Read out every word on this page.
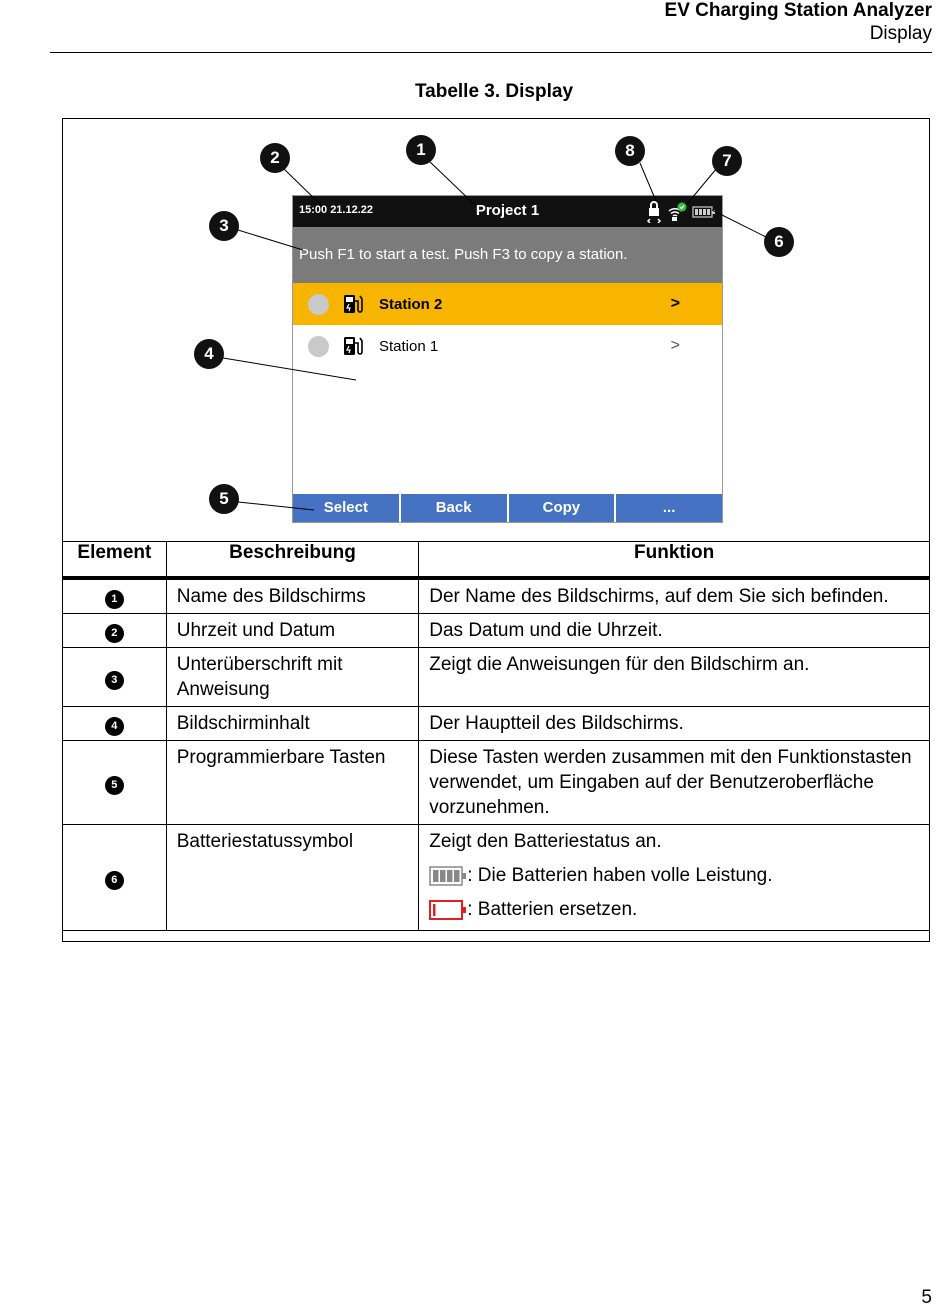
EV Charging Station Analyzer
Display
Tabelle 3. Display
15:00 21.12.22	Project 1
Push F1 to start a test. Push F3 to copy a station.
Station 2	>
Station 1	>
Select	Back	Copy	...
1
2
3
4
5
6
7
8
Element	Beschreibung	Funktion
1	Name des Bildschirms	Der Name des Bildschirms, auf dem Sie sich befinden.
2	Uhrzeit und Datum	Das Datum und die Uhrzeit.
3	Unterüberschrift mit Anweisung	Zeigt die Anweisungen für den Bildschirm an.
4	Bildschirminhalt	Der Hauptteil des Bildschirms.
5	Programmierbare Tasten	Diese Tasten werden zusammen mit den Funktionstasten verwendet, um Eingaben auf der Benutzeroberfläche vorzunehmen.
6	Batteriestatussymbol	Zeigt den Batteriestatus an.
: Die Batterien haben volle Leistung.
: Batterien ersetzen.
5
